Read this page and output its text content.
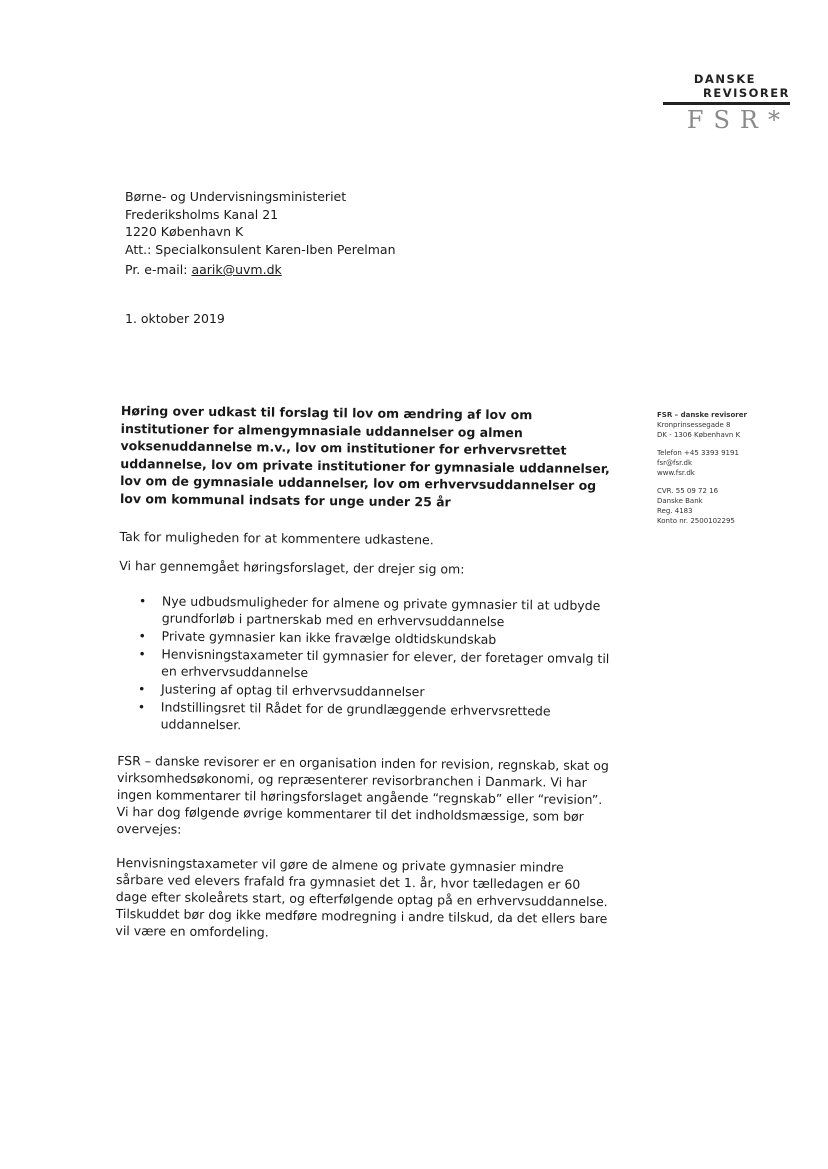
DANSKE
REVISORER
FSR*
Børne- og Undervisningsministeriet
Frederiksholms Kanal 21
1220 København K
Att.: Specialkonsulent Karen-Iben Perelman
Pr. e-mail: aarik@uvm.dk
1. oktober 2019
FSR – danske revisorer
Kronprinsessegade 8
DK - 1306 København K
Telefon +45 3393 9191
fsr@fsr.dk
www.fsr.dk
CVR. 55 09 72 16
Danske Bank
Reg. 4183
Konto nr. 2500102295

Høring over udkast til forslag til lov om ændring af lov om institutioner for almengymnasiale uddannelser og almen voksenuddannelse m.v., lov om institutioner for erhvervsrettet uddannelse, lov om private institutioner for gymnasiale uddannelser, lov om de gymnasiale uddannelser, lov om erhvervsuddannelser og lov om kommunal indsats for unge under 25 år

Tak for muligheden for at kommentere udkastene.

Vi har gennemgået høringsforslaget, der drejer sig om:

• Nye udbudsmuligheder for almene og private gymnasier til at udbyde grundforløb i partnerskab med en erhvervsuddannelse
• Private gymnasier kan ikke fravælge oldtidskundskab
• Henvisningstaxameter til gymnasier for elever, der foretager omvalg til en erhvervsuddannelse
• Justering af optag til erhvervsuddannelser
• Indstillingsret til Rådet for de grundlæggende erhvervsrettede uddannelser.

FSR – danske revisorer er en organisation inden for revision, regnskab, skat og virksomhedsøkonomi, og repræsenterer revisorbranchen i Danmark. Vi har ingen kommentarer til høringsforslaget angående “regnskab” eller “revision”. Vi har dog følgende øvrige kommentarer til det indholdsmæssige, som bør overvejes:

Henvisningstaxameter vil gøre de almene og private gymnasier mindre sårbare ved elevers frafald fra gymnasiet det 1. år, hvor tælledagen er 60 dage efter skoleårets start, og efterfølgende optag på en erhvervsuddannelse. Tilskuddet bør dog ikke medføre modregning i andre tilskud, da det ellers bare vil være en omfordeling.
